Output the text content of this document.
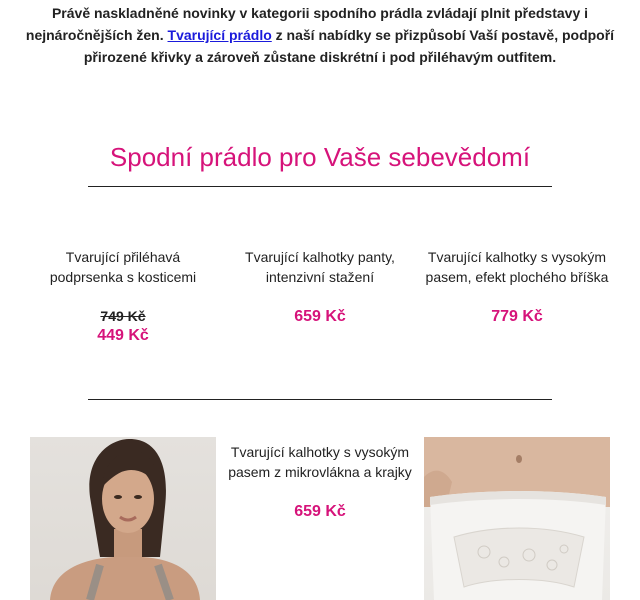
Právě naskladněné novinky v kategorii spodního prádla zvládají plnit představy i nejnáročnějších žen. Tvarující prádlo z naší nabídky se přizpůsobí Vaší postavě, podpoří přirozené křivky a zároveň zůstane diskrétní i pod přiléhavým outfitem.
Spodní prádlo pro Vaše sebevědomí
Tvarující přiléhavá podprsenka s kosticemi
749 Kč
449 Kč
Tvarující kalhotky panty, intenzivní stažení
659 Kč
Tvarující kalhotky s vysokým pasem, efekt plochého bříška
779 Kč
Tvarující kalhotky s vysokým pasem z mikrovlákna a krajky
659 Kč
